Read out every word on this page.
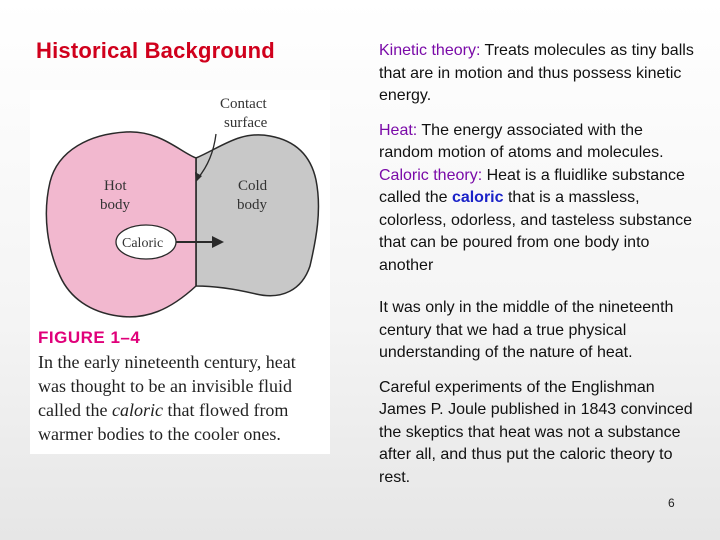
Historical Background
Contact
surface
Hot
body
Cold
body
Caloric
FIGURE 1–4
In the early nineteenth century, heat was thought to be an invisible fluid called the caloric that flowed from warmer bodies to the cooler ones.

Kinetic theory: Treats molecules as tiny balls that are in motion and thus possess kinetic energy.

Heat: The energy associated with the random motion of atoms and molecules.

Caloric theory: Heat is a fluidlike substance called the caloric that is a massless, colorless, odorless, and tasteless substance that can be poured from one body into another

It was only in the middle of the nineteenth century that we had a true physical understanding of the nature of heat.

Careful experiments of the Englishman James P. Joule published in 1843 convinced the skeptics that heat was not a substance after all, and thus put the caloric theory to rest.

6
